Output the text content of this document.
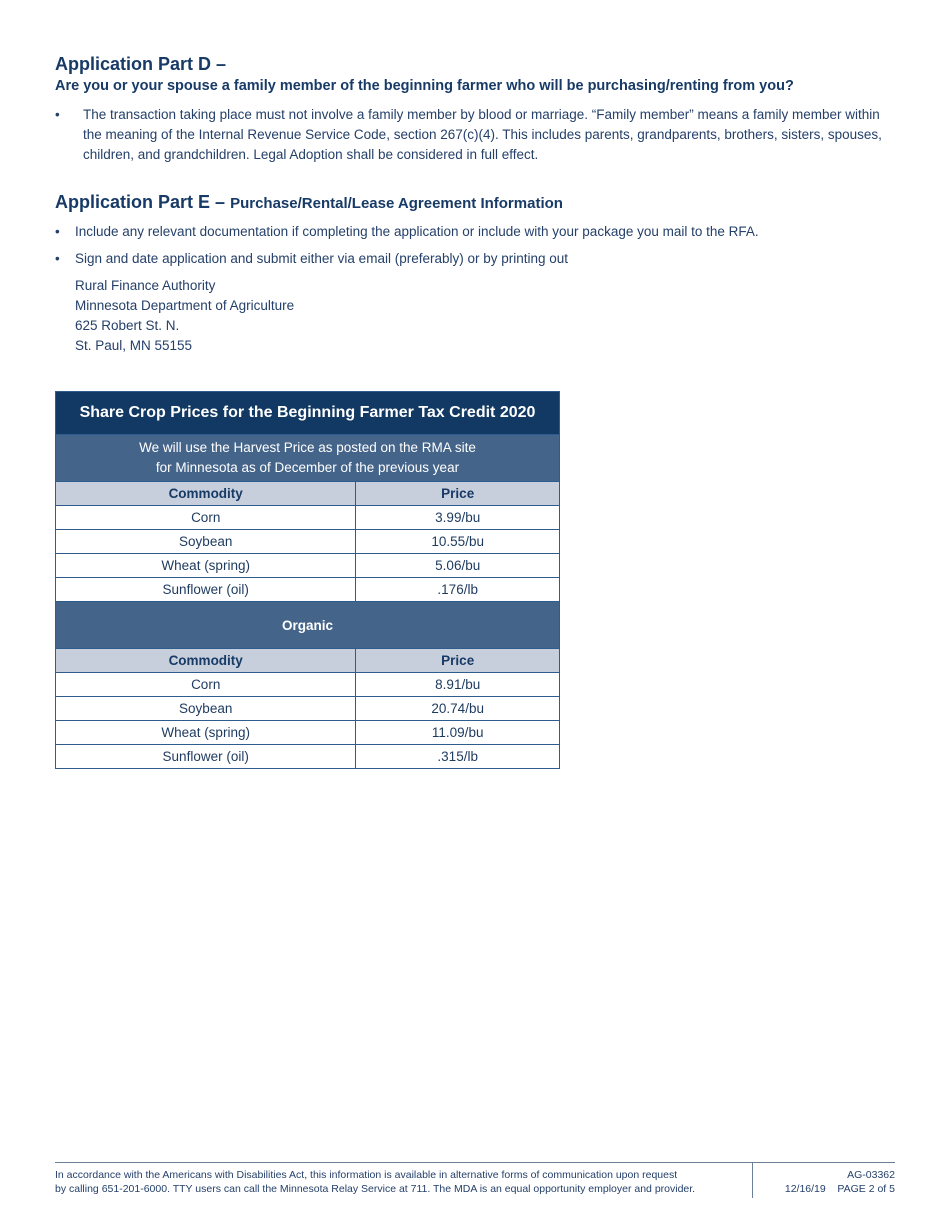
Application Part D –

Are you or your spouse a family member of the beginning farmer who will be purchasing/renting from you?

• The transaction taking place must not involve a family member by blood or marriage. “Family member” means a family member within the meaning of the Internal Revenue Service Code, section 267(c)(4). This includes parents, grandparents, brothers, sisters, spouses, children, and grandchildren. Legal Adoption shall be considered in full effect.
Application Part E – Purchase/Rental/Lease Agreement Information
• Include any relevant documentation if completing the application or include with your package you mail to the RFA.
• Sign and date application and submit either via email (preferably) or by printing out
Rural Finance Authority
Minnesota Department of Agriculture
625 Robert St. N.
St. Paul, MN 55155
Share Crop Prices for the Beginning Farmer Tax Credit 2020	

We will use the Harvest Price as posted on the RMA site
for Minnesota as of December of the previous year	

Commodity	Price
Corn	3.99/bu
Soybean	10.55/bu
Wheat (spring)	5.06/bu
Sunflower (oil)	.176/lb
Organic	
Commodity	Price
Corn	8.91/bu
Soybean	20.74/bu
Wheat (spring)	11.09/bu
Sunflower (oil)	.315/lb
In accordance with the Americans with Disabilities Act, this information is available in alternative forms of communication upon request
by calling 651-201-6000. TTY users can call the Minnesota Relay Service at 711. The MDA is an equal opportunity employer and provider.
AG-03362
12/16/19    PAGE 2 of 5
